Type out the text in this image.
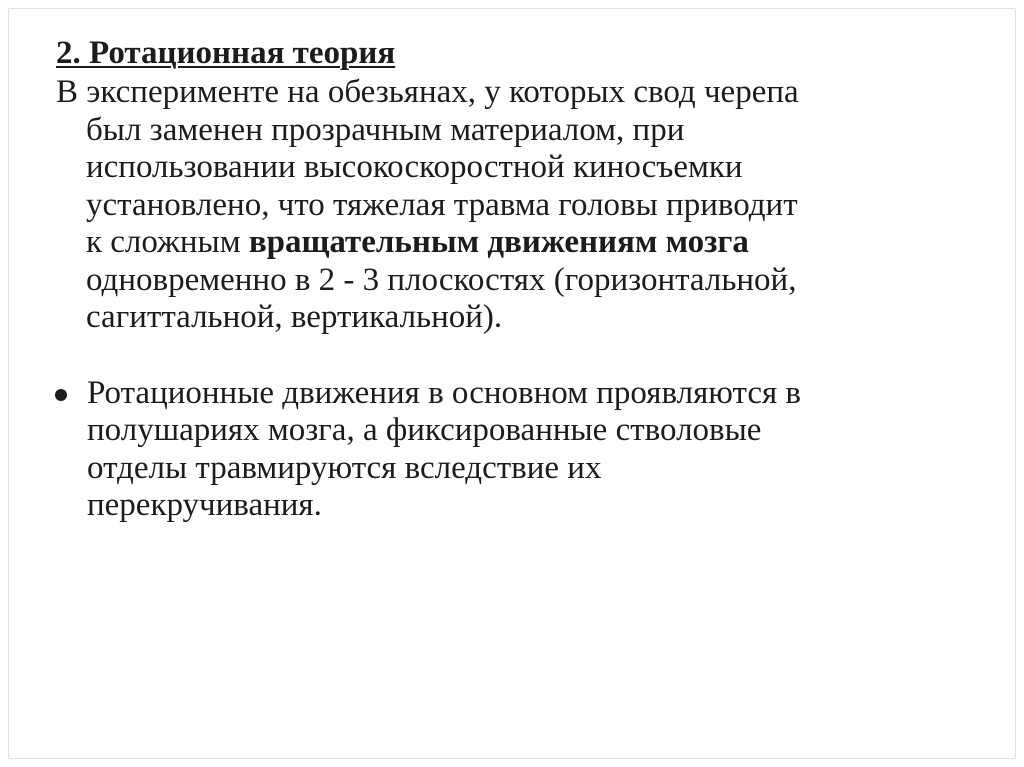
2. Ротационная теория

В эксперименте на обезьянах, у которых свод черепа
был заменен прозрачным материалом, при
использовании высокоскоростной киносъемки
установлено, что тяжелая травма головы приводит
к сложным вращательным движениям мозга
одновременно в 2 - 3 плоскостях (горизонтальной,
сагиттальной, вертикальной).

Ротационные движения в основном проявляются в
полушариях мозга, а фиксированные стволовые
отделы травмируются вследствие их
перекручивания.
